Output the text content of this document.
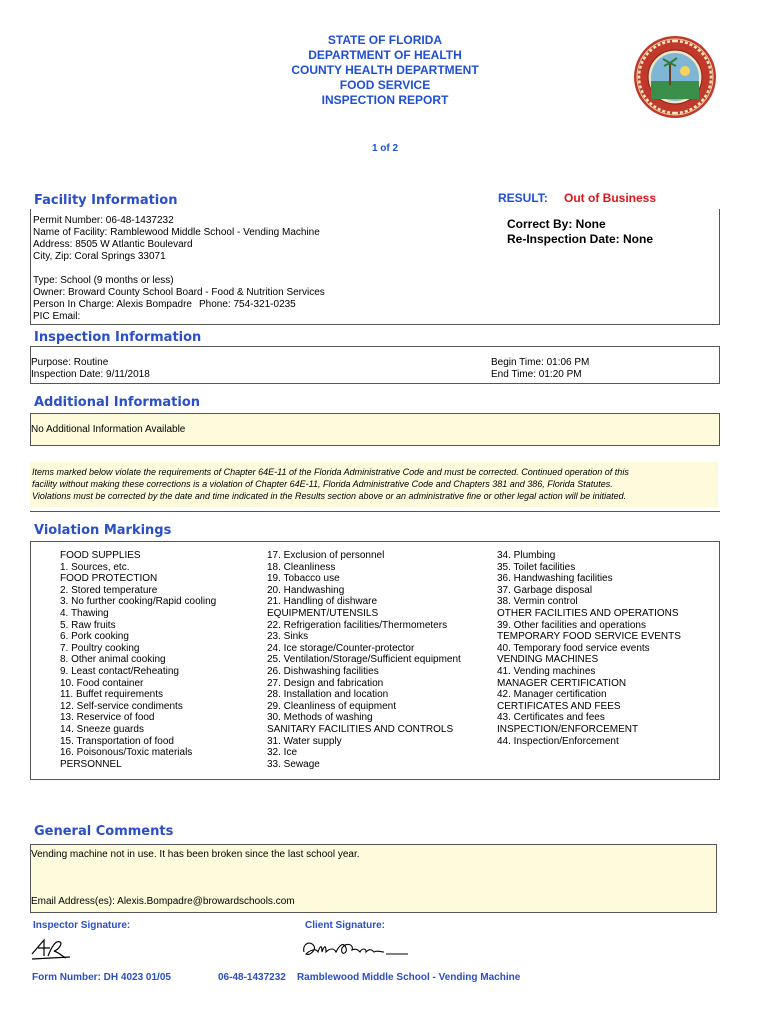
STATE OF FLORIDA
DEPARTMENT OF HEALTH
COUNTY HEALTH DEPARTMENT
FOOD SERVICE
INSPECTION REPORT
1 of 2
Facility Information	RESULT: Out of Business
Permit Number: 06-48-1437232
Name of Facility: Ramblewood Middle School - Vending Machine
Address: 8505 W Atlantic Boulevard
City, Zip: Coral Springs 33071
Type: School (9 months or less)
Owner: Broward County School Board - Food & Nutrition Services
Person In Charge: Alexis Bompadre Phone: 754-321-0235
PIC Email:
Correct By: None
Re-Inspection Date: None
Inspection Information
Purpose: Routine
Inspection Date: 9/11/2018
Begin Time: 01:06 PM
End Time: 01:20 PM
Additional Information
No Additional Information Available
Items marked below violate the requirements of Chapter 64E-11 of the Florida Administrative Code and must be corrected. Continued operation of this
facility without making these corrections is a violation of Chapter 64E-11, Florida Administrative Code and Chapters 381 and 386, Florida Statutes.
Violations must be corrected by the date and time indicated in the Results section above or an administrative fine or other legal action will be initiated.
Violation Markings
FOOD SUPPLIES
1. Sources, etc.
FOOD PROTECTION
2. Stored temperature
3. No further cooking/Rapid cooling
4. Thawing
5. Raw fruits
6. Pork cooking
7. Poultry cooking
8. Other animal cooking
9. Least contact/Reheating
10. Food container
11. Buffet requirements
12. Self-service condiments
13. Reservice of food
14. Sneeze guards
15. Transportation of food
16. Poisonous/Toxic materials
PERSONNEL
17. Exclusion of personnel
18. Cleanliness
19. Tobacco use
20. Handwashing
21. Handling of dishware
EQUIPMENT/UTENSILS
22. Refrigeration facilities/Thermometers
23. Sinks
24. Ice storage/Counter-protector
25. Ventilation/Storage/Sufficient equipment
26. Dishwashing facilities
27. Design and fabrication
28. Installation and location
29. Cleanliness of equipment
30. Methods of washing
SANITARY FACILITIES AND CONTROLS
31. Water supply
32. Ice
33. Sewage
34. Plumbing
35. Toilet facilities
36. Handwashing facilities
37. Garbage disposal
38. Vermin control
OTHER FACILITIES AND OPERATIONS
39. Other facilities and operations
TEMPORARY FOOD SERVICE EVENTS
40. Temporary food service events
VENDING MACHINES
41. Vending machines
MANAGER CERTIFICATION
42. Manager certification
CERTIFICATES AND FEES
43. Certificates and fees
INSPECTION/ENFORCEMENT
44. Inspection/Enforcement
General Comments
Vending machine not in use. It has been broken since the last school year.
Email Address(es): Alexis.Bompadre@browardschools.com
Inspector Signature:	Client Signature:
Form Number: DH 4023 01/05	06-48-1437232    Ramblewood Middle School - Vending Machine
